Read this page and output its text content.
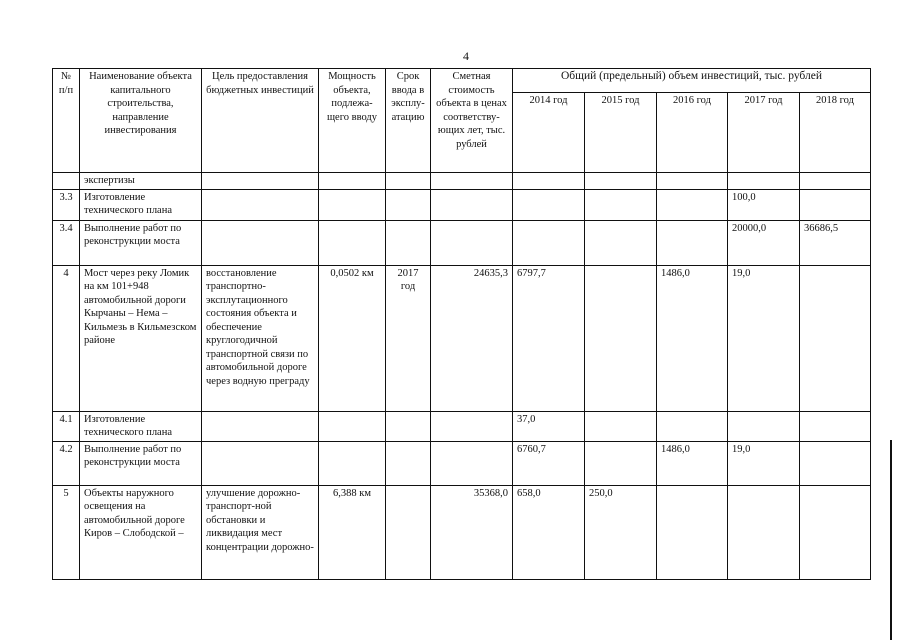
4
№ п/п	Наименование объекта капитального строительства, направление инвестирования	Цель предоставления бюджетных инвестиций	Мощность объекта, подлежа-щего вводу	Срок ввода в эксплу-атацию	Сметная стоимость объекта в ценах соответству-ющих лет, тыс. рублей	Общий (предельный) объем инвестиций, тыс. рублей				
						2014 год	2015 год	2016 год	2017 год	2018 год
	экспертизы									
3.3	Изготовление технического плана								100,0	
3.4	Выполнение работ по реконструкции моста								20000,0	36686,5
4	Мост через реку Ломик на км 101+948 автомобильной дороги Кырчаны – Нема – Кильмезь в Кильмезском районе	восстановление транспортно-эксплутационного состояния объекта и обеспечение круглогодичной транспортной связи по автомобильной дороге через водную преграду	0,0502 км	2017 год	24635,3	6797,7		1486,0	19,0	
4.1	Изготовление технического плана					37,0				
4.2	Выполнение работ по реконструкции моста					6760,7		1486,0	19,0	
5	Объекты наружного освещения на автомобильной дороге Киров – Слободской –	улучшение дорожно-транспорт-ной обстановки и ликвидация мест концентрации дорожно-	6,388 км		35368,0	658,0	250,0			
